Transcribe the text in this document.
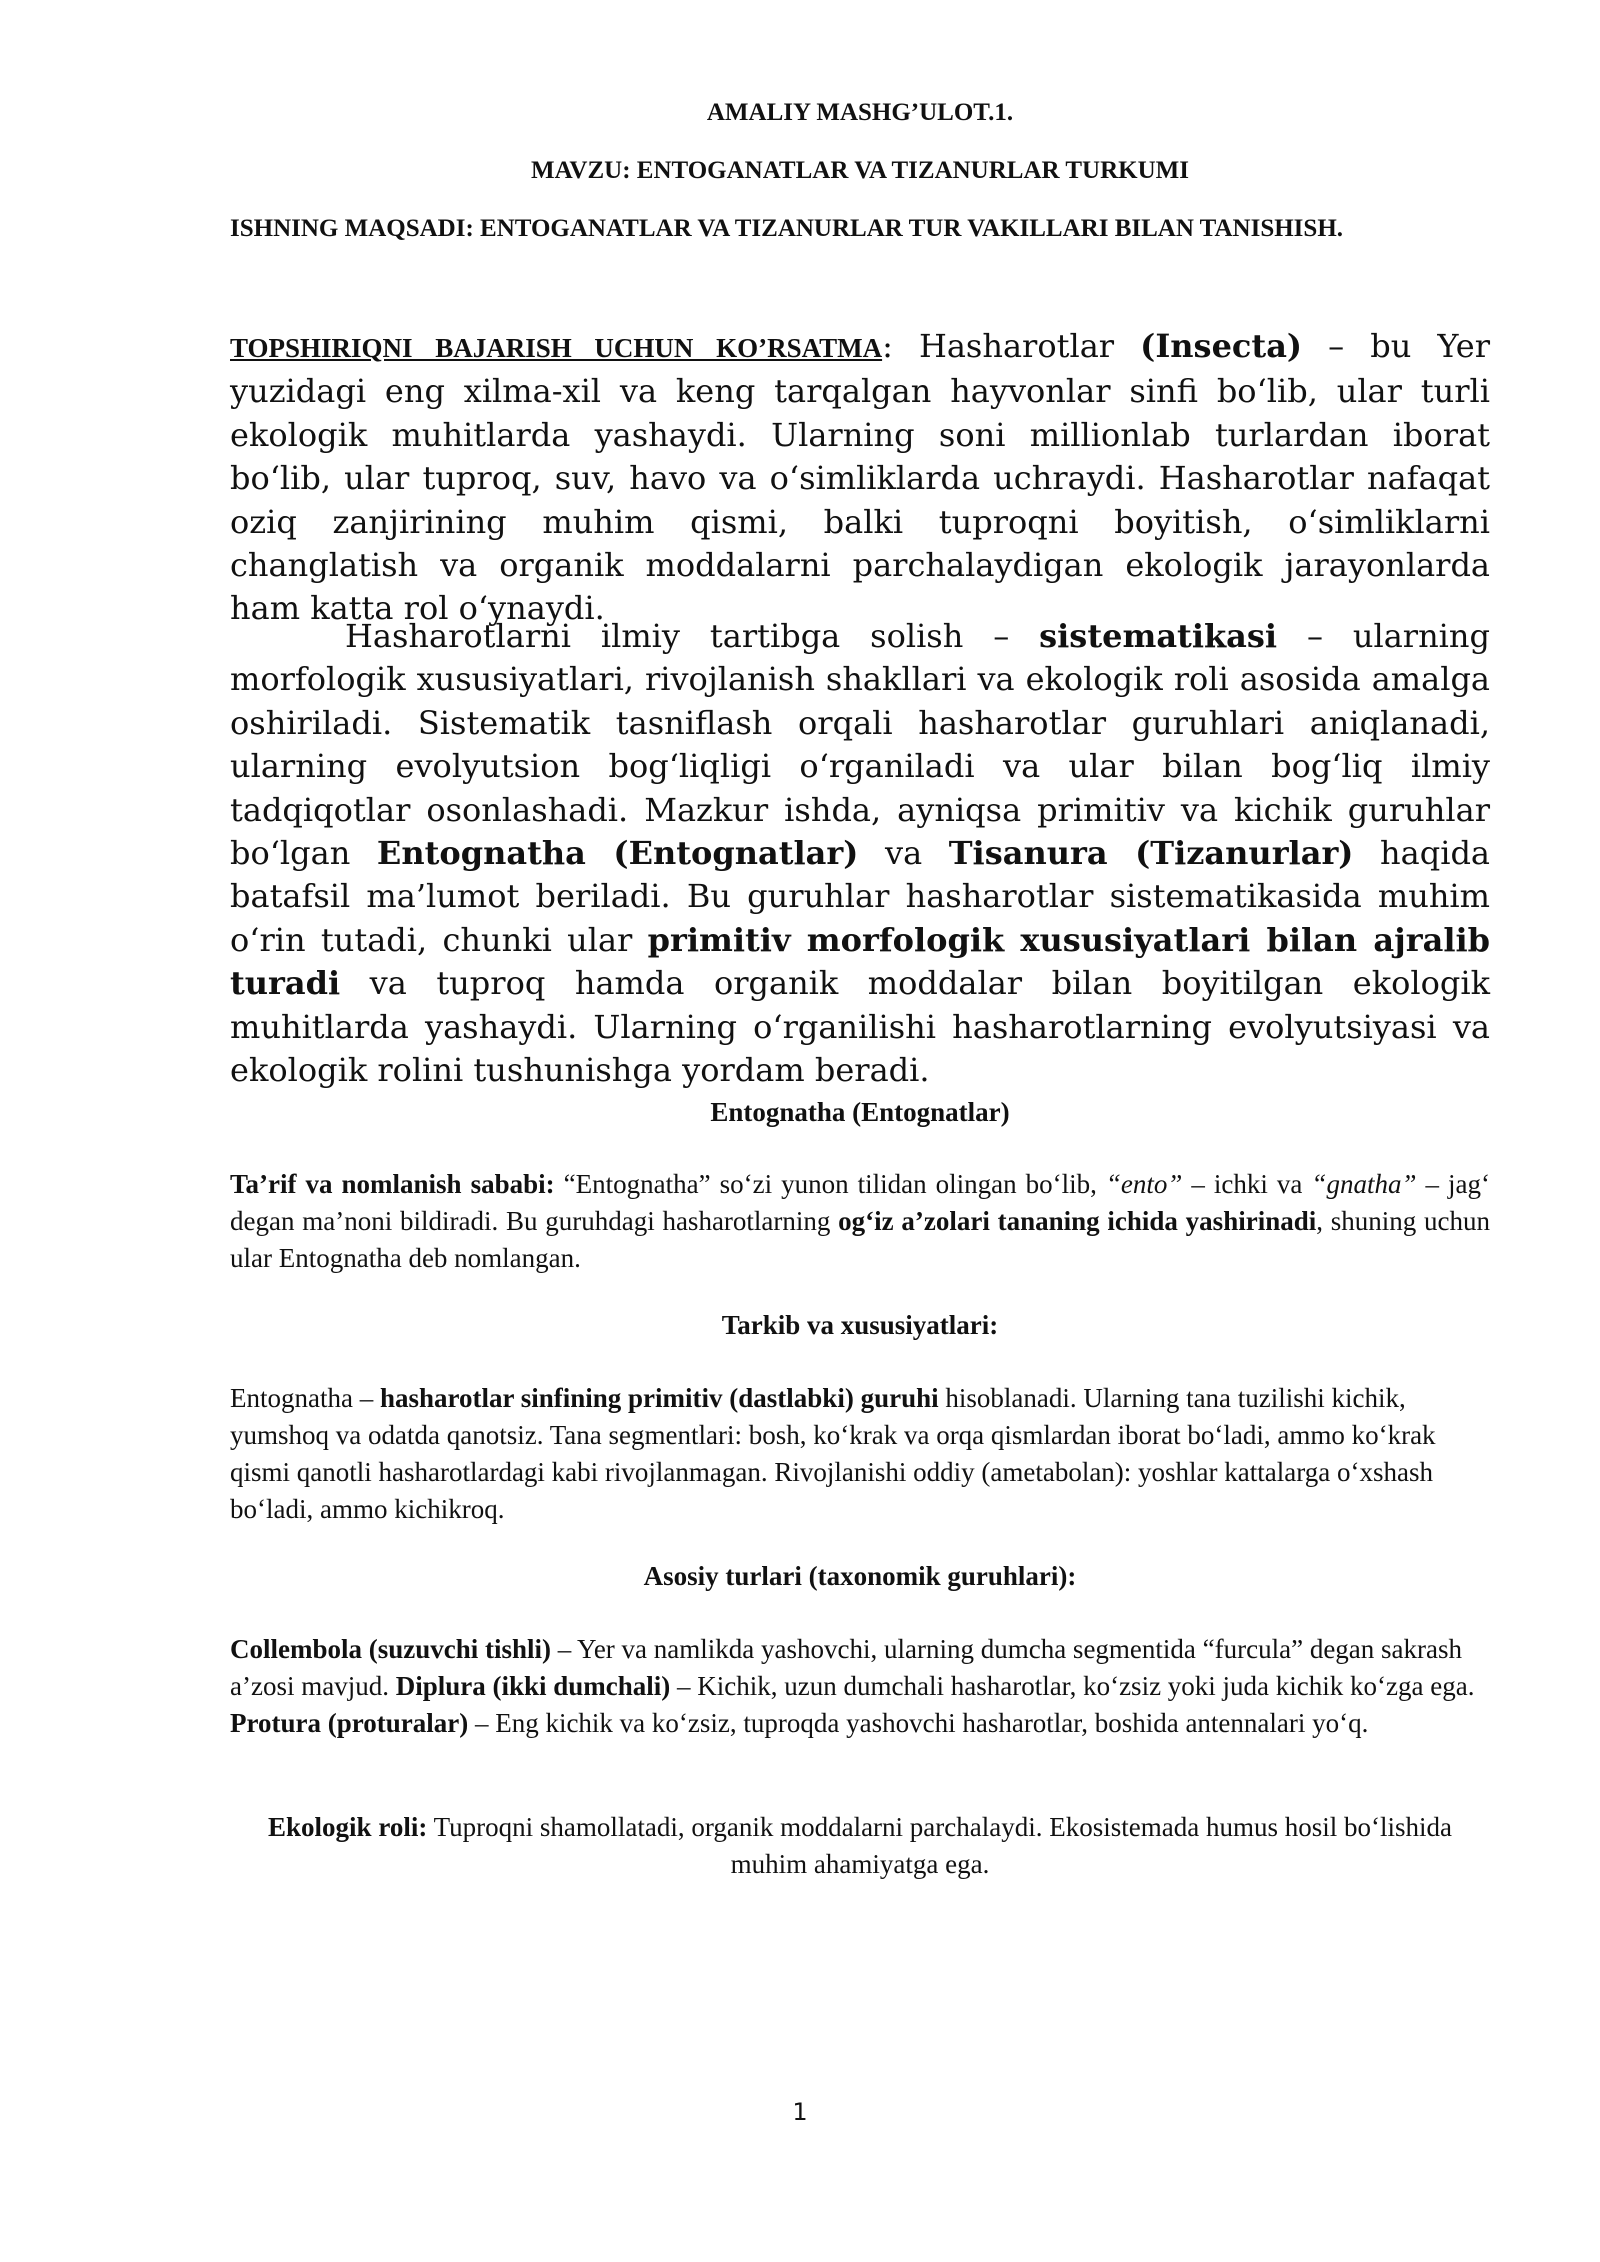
AMALIY MASHG’ULOT.1.

MAVZU: ENTOGANATLAR VA TIZANURLAR TURKUMI

ISHNING MAQSADI: ENTOGANATLAR VA TIZANURLAR TUR VAKILLARI BILAN TANISHISH.

TOPSHIRIQNI BAJARISH UCHUN KO’RSATMA: Hasharotlar (Insecta) – bu Yer yuzidagi eng xilma-xil va keng tarqalgan hayvonlar sinfi bo‘lib, ular turli ekologik muhitlarda yashaydi. Ularning soni millionlab turlardan iborat bo‘lib, ular tuproq, suv, havo va o‘simliklarda uchraydi. Hasharotlar nafaqat oziq zanjirining muhim qismi, balki tuproqni boyitish, o‘simliklarni changlatish va organik moddalarni parchalaydigan ekologik jarayonlarda ham katta rol o‘ynaydi.

Hasharotlarni ilmiy tartibga solish – sistematikasi – ularning morfologik xususiyatlari, rivojlanish shakllari va ekologik roli asosida amalga oshiriladi. Sistematik tasniflash orqali hasharotlar guruhlari aniqlanadi, ularning evolyutsion bog‘liqligi o‘rganiladi va ular bilan bog‘liq ilmiy tadqiqotlar osonlashadi. Mazkur ishda, ayniqsa primitiv va kichik guruhlar bo‘lgan Entognatha (Entognatlar) va Tisanura (Tizanurlar) haqida batafsil ma’lumot beriladi. Bu guruhlar hasharotlar sistematikasida muhim o‘rin tutadi, chunki ular primitiv morfologik xususiyatlari bilan ajralib turadi va tuproq hamda organik moddalar bilan boyitilgan ekologik muhitlarda yashaydi. Ularning o‘rganilishi hasharotlarning evolyutsiyasi va ekologik rolini tushunishga yordam beradi.

Entognatha (Entognatlar)

Ta’rif va nomlanish sababi: “Entognatha” so‘zi yunon tilidan olingan bo‘lib, “ento” – ichki va “gnatha” – jag‘ degan ma’noni bildiradi. Bu guruhdagi hasharotlarning og‘iz a’zolari tananing ichida yashirinadi, shuning uchun ular Entognatha deb nomlangan.

Tarkib va xususiyatlari:

Entognatha – hasharotlar sinfining primitiv (dastlabki) guruhi hisoblanadi. Ularning tana tuzilishi kichik, yumshoq va odatda qanotsiz. Tana segmentlari: bosh, ko‘krak va orqa qismlardan iborat bo‘ladi, ammo ko‘krak qismi qanotli hasharotlardagi kabi rivojlanmagan. Rivojlanishi oddiy (ametabolan): yoshlar kattalarga o‘xshash bo‘ladi, ammo kichikroq.

Asosiy turlari (taxonomik guruhlari):

Collembola (suzuvchi tishli) – Yer va namlikda yashovchi, ularning dumcha segmentida “furcula” degan sakrash a’zosi mavjud. Diplura (ikki dumchali) – Kichik, uzun dumchali hasharotlar, ko‘zsiz yoki juda kichik ko‘zga ega. Protura (proturalar) – Eng kichik va ko‘zsiz, tuproqda yashovchi hasharotlar, boshida antennalari yo‘q.

Ekologik roli: Tuproqni shamollatadi, organik moddalarni parchalaydi. Ekosistemada humus hosil bo‘lishida muhim ahamiyatga ega.

1
